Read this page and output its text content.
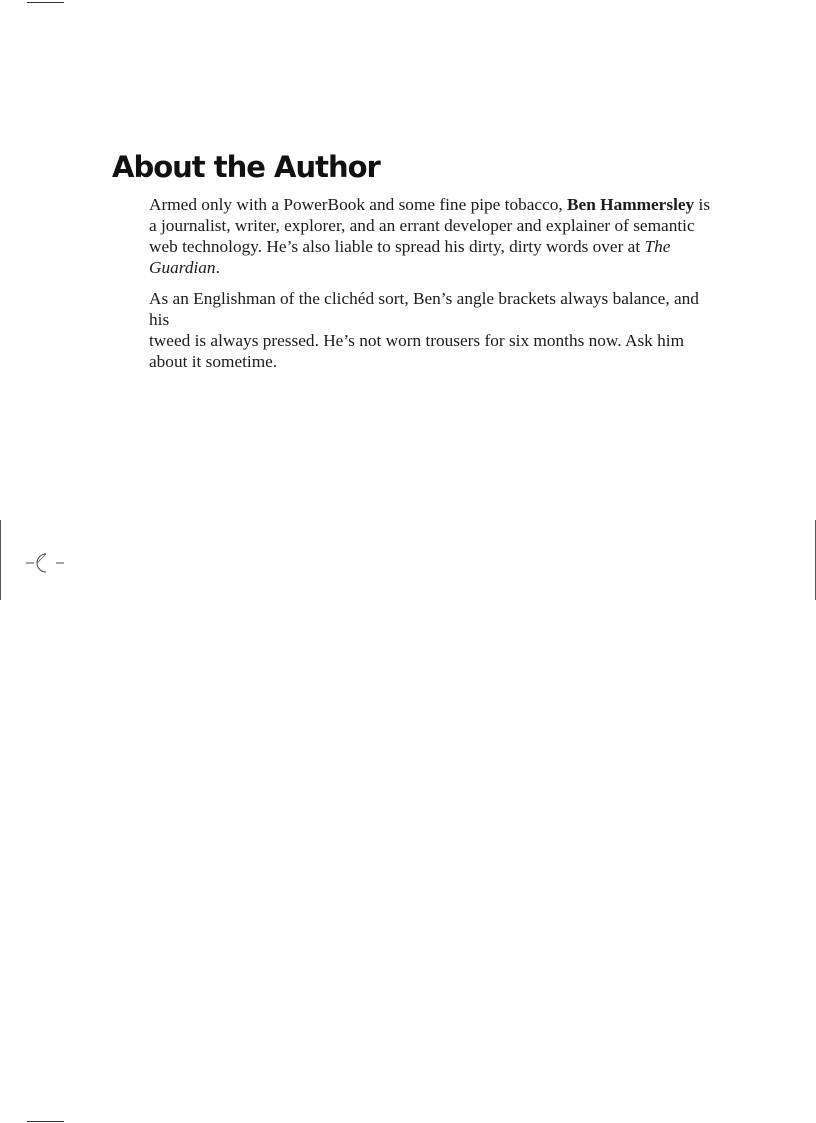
About the Author

Armed only with a PowerBook and some fine pipe tobacco, Ben Hammersley is a journalist, writer, explorer, and an errant developer and explainer of semantic web technology. He’s also liable to spread his dirty, dirty words over at The Guardian.

As an Englishman of the clichéd sort, Ben’s angle brackets always balance, and his
tweed is always pressed. He’s not worn trousers for six months now. Ask him
about it sometime.
